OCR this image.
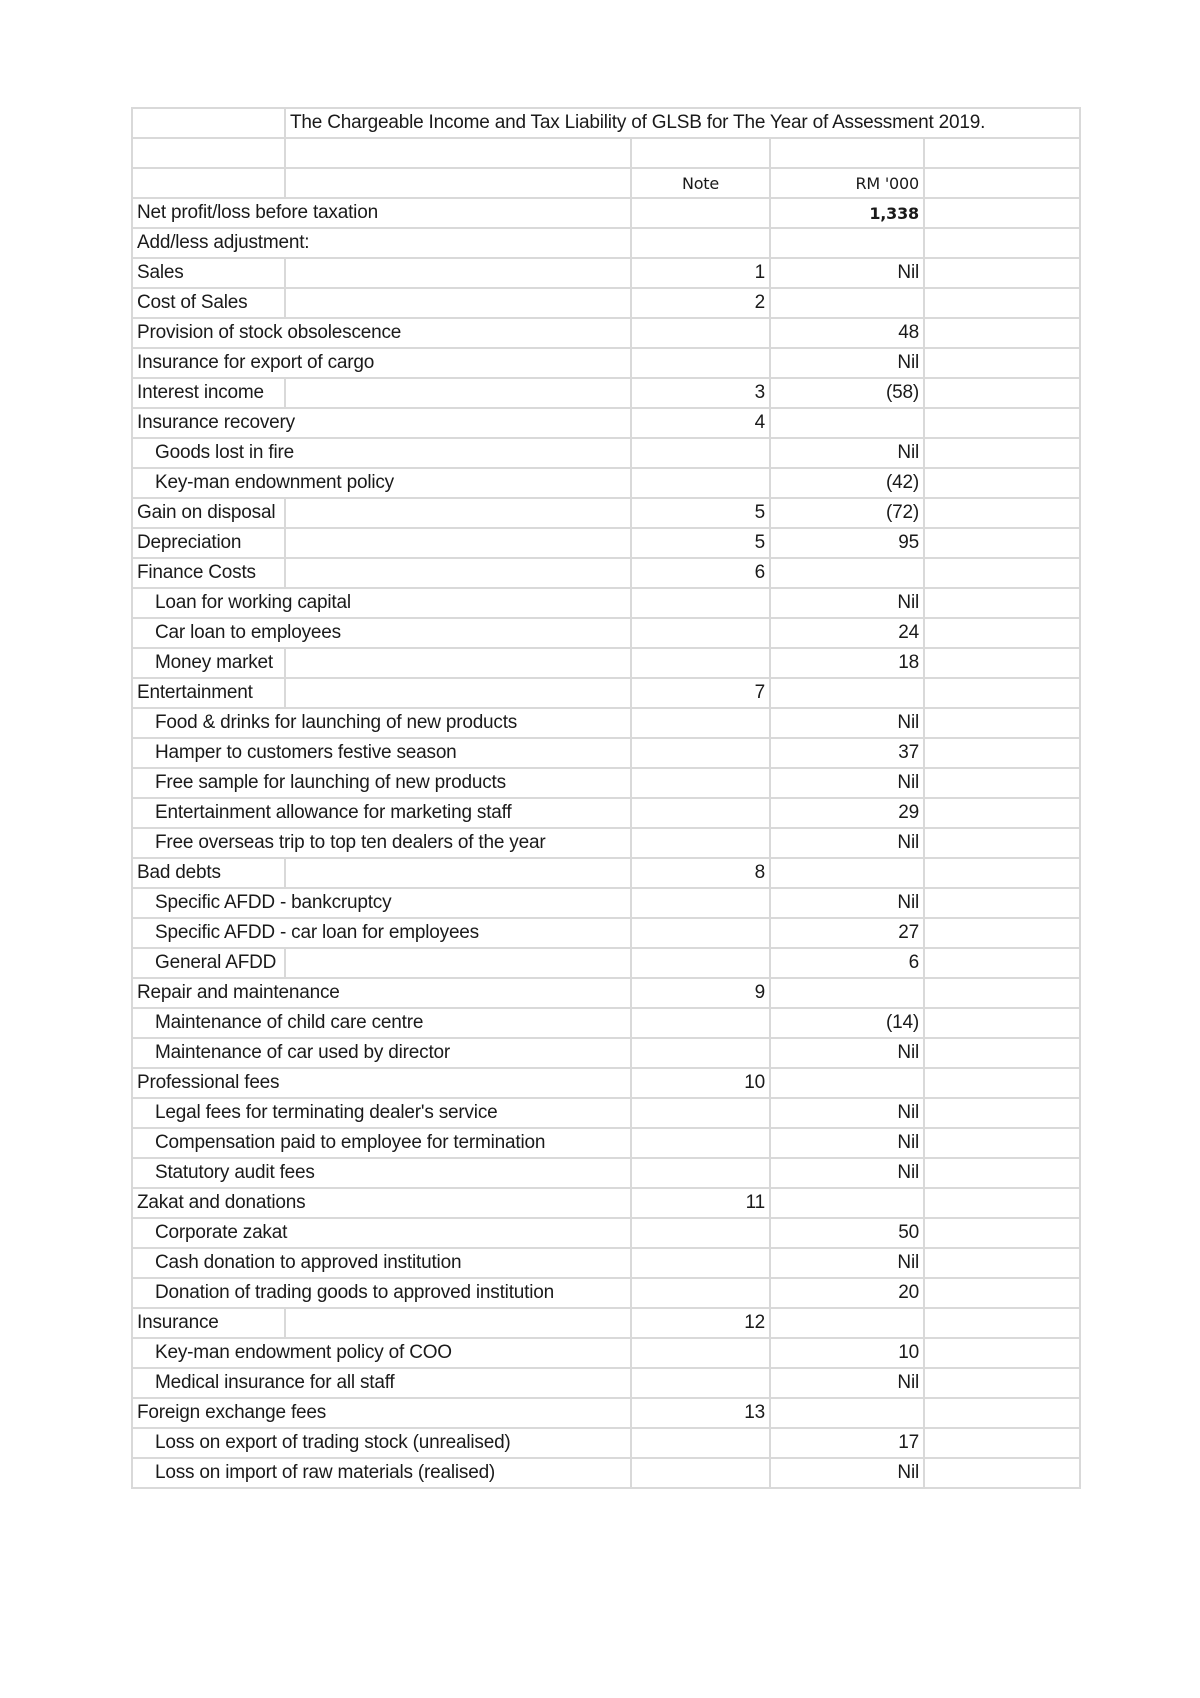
	The Chargeable Income and Tax Liability of GLSB for The Year of Assessment 2019.			

		Note	RM '000	
Net profit/loss before taxation			1,338	
Add/less adjustment:				
Sales		1	Nil	
Cost of Sales		2		
Provision of stock obsolescence			48	
Insurance for export of cargo			Nil	
Interest income		3	(58)	
Insurance recovery		4		
Goods lost in fire			Nil	
Key-man endownment policy			(42)	
Gain on disposal		5	(72)	
Depreciation		5	95	
Finance Costs		6		
Loan for working capital			Nil	
Car loan to employees			24	
Money market			18	
Entertainment		7		
Food & drinks for launching of new products			Nil	
Hamper to customers festive season			37	
Free sample for launching of new products			Nil	
Entertainment allowance for marketing staff			29	
Free overseas trip to top ten dealers of the year			Nil	
Bad debts		8		
Specific AFDD - bankcruptcy			Nil	
Specific AFDD - car loan for employees			27	
General AFDD			6	
Repair and maintenance		9		
Maintenance of child care centre			(14)	
Maintenance of car used by director			Nil	
Professional fees		10		
Legal fees for terminating dealer's service			Nil	
Compensation paid to employee for termination			Nil	
Statutory audit fees			Nil	
Zakat and donations		11		
Corporate zakat			50	
Cash donation to approved institution			Nil	
Donation of trading goods to approved institution			20	
Insurance		12		
Key-man endowment policy of COO			10	
Medical insurance for all staff			Nil	
Foreign exchange fees		13		
Loss on export of trading stock (unrealised)			17	
Loss on import of raw materials (realised)			Nil	
